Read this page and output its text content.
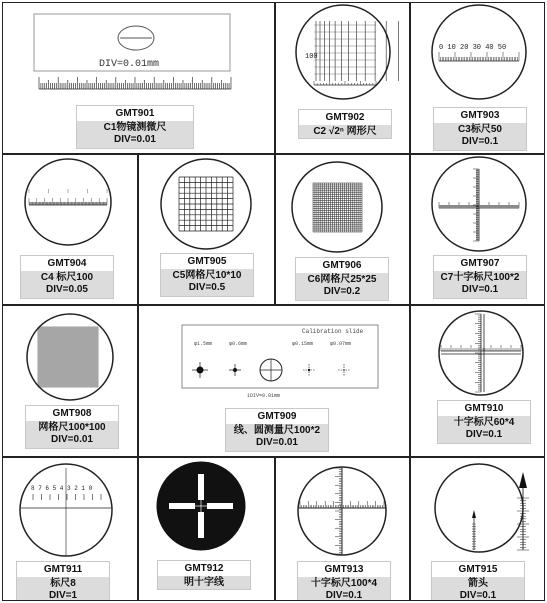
DIV=0.01mm
GMT901
C1物镜测微尺
DIV=0.01
100
GMT902
C2 √2ⁿ 网形尺
0 10 20 30 40 50
GMT903
C3标尺50
DIV=0.1
GMT904
C4 标尺100
DIV=0.05
GMT905
C5网格尺10*10
DIV=0.5
GMT906
C6网格尺25*25
DIV=0.2
GMT907
C7十字标尺100*2
DIV=0.1
GMT908
网格尺100*100
DIV=0.01
Calibration slide
φ1.5mm	φ0.6mm	φ0.15mm	φ0.07mm
1DIV=0.01mm
GMT909
线、圆测量尺100*2
DIV=0.01
GMT910
十字标尺60*4
DIV=0.1
8 7 6 5 4 3 2 1 0
GMT911
标尺8
DIV=1
GMT912
明十字线
GMT913
十字标尺100*4
DIV=0.1
GMT915
箭头
DIV=0.1
